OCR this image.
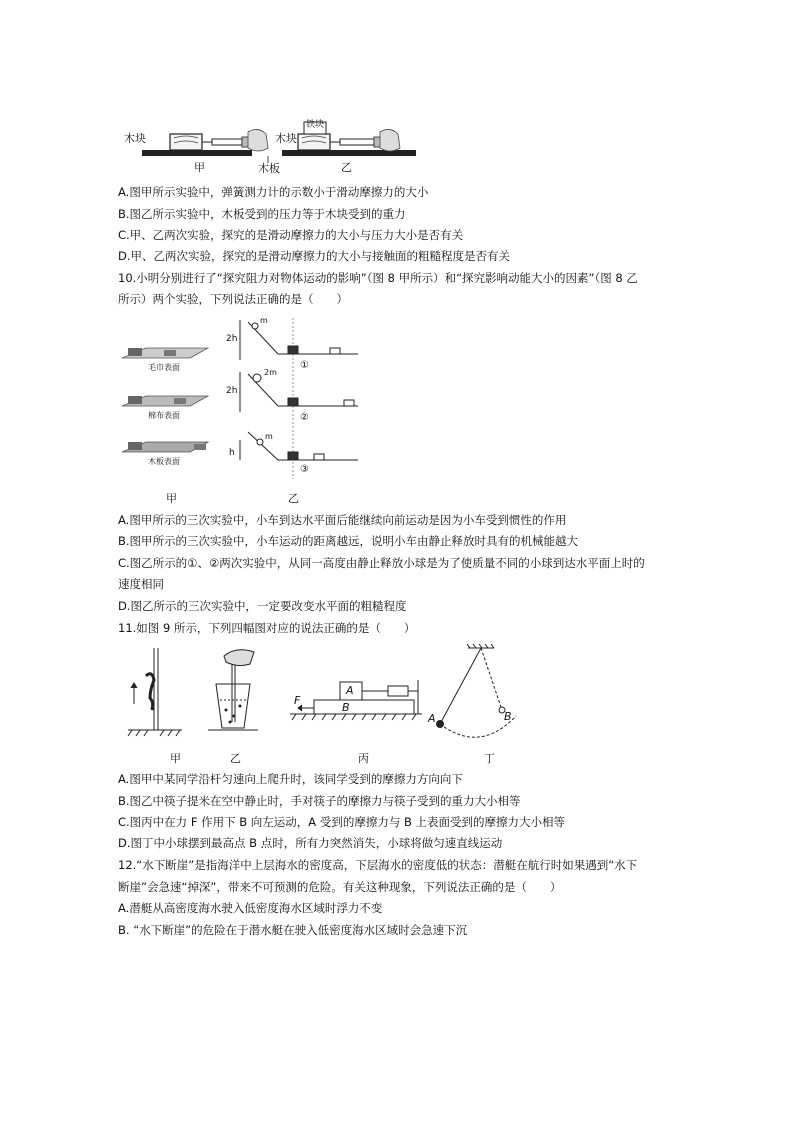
木块	木块
铁块
木板
甲	乙
A.图甲所示实验中，弹簧测力计的示数小于滑动摩擦力的大小
B.图乙所示实验中，木板受到的压力等于木块受到的重力
C.甲、乙两次实验，探究的是滑动摩擦力的大小与压力大小是否有关
D.甲、乙两次实验，探究的是滑动摩擦力的大小与接触面的粗糙程度是否有关
10.小明分别进行了“探究阻力对物体运动的影响”（图 8 甲所示）和“探究影响动能大小的因素”（图 8 乙
所示）两个实验，下列说法正确的是（　　）
毛巾表面
棉布表面
木板表面
2h
2h
h
m
2m
m
①
②
③
甲	乙
A.图甲所示的三次实验中，小车到达水平面后能继续向前运动是因为小车受到惯性的作用
B.图甲所示的三次实验中，小车运动的距离越远，说明小车由静止释放时具有的机械能越大
C.图乙所示的①、②两次实验中，从同一高度由静止释放小球是为了使质量不同的小球到达水平面上时的
速度相同
D.图乙所示的三次实验中，一定要改变水平面的粗糙程度
11.如图 9 所示，下列四幅图对应的说法正确的是（　　）
F
A
B
A	B
甲	乙	丙	丁
A.图甲中某同学沿杆匀速向上爬升时，该同学受到的摩擦力方向向下
B.图乙中筷子提米在空中静止时，手对筷子的摩擦力与筷子受到的重力大小相等
C.图丙中在力 F 作用下 B 向左运动，A 受到的摩擦力与 B 上表面受到的摩擦力大小相等
D.图丁中小球摆到最高点 B 点时，所有力突然消失，小球将做匀速直线运动
12.“水下断崖”是指海洋中上层海水的密度高，下层海水的密度低的状态：潜艇在航行时如果遇到“水下
断崖”会急速“掉深”，带来不可预测的危险。有关这种现象，下列说法正确的是（　　）
A.潜艇从高密度海水驶入低密度海水区域时浮力不变
B. “水下断崖”的危险在于潜水艇在驶入低密度海水区域时会急速下沉
